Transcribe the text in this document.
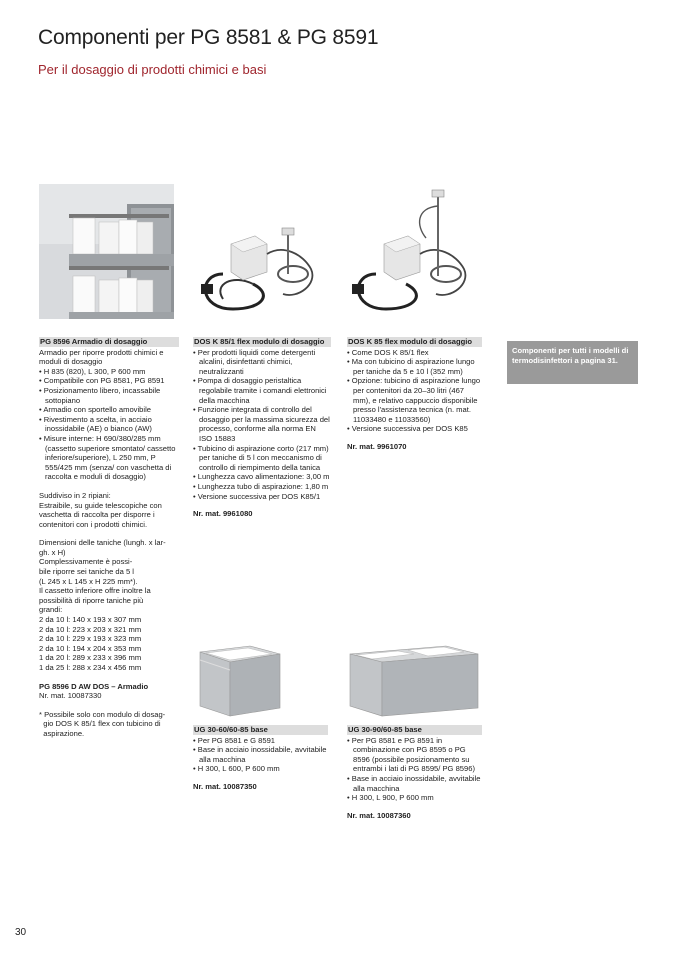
Componenti per PG 8581 & PG 8591
Per il dosaggio di prodotti chimici e basi
PG 8596 Armadio di dosaggio
Armadio per riporre prodotti chimici e
moduli di dosaggio
• H 835 (820), L 300, P 600 mm
• Compatibile con PG 8581, PG 8591
• Posizionamento libero, incassabile sottopiano
• Armadio con sportello amovibile
• Rivestimento a scelta, in acciaio inossidabile (AE) o bianco (AW)
• Misure interne: H 690/380/285 mm (cassetto superiore smontato/ cassetto inferiore/superiore), L 250 mm, P 555/425 mm (senza/ con vaschetta di raccolta e moduli di dosaggio)
Suddiviso in 2 ripiani:
Estraibile, su guide telescopiche con
vaschetta di raccolta per disporre i
contenitori con i prodotti chimici.
Dimensioni delle taniche (lungh. x lar-
gh. x H)
Complessivamente è possi-
bile riporre sei taniche da 5 l
(L 245 x L 145 x H 225 mm*).
Il cassetto inferiore offre inoltre la
possibilità di riporre taniche più
grandi:
2 da 10 l: 140 x 193 x 307 mm
2 da 10 l: 223 x 203 x 321 mm
2 da 10 l: 229 x 193 x 323 mm
2 da 10 l: 194 x 204 x 353 mm
1 da 20 l: 289 x 233 x 396 mm
1 da 25 l: 288 x 234 x 456 mm
PG 8596 D AW DOS – Armadio
Nr. mat. 10087330
* Possibile solo con modulo di dosag-
gio DOS K 85/1 flex con tubicino di
aspirazione.
DOS K 85/1 flex modulo di dosaggio
• Per prodotti liquidi come detergenti alcalini, disinfettanti chimici, neutralizzanti
• Pompa di dosaggio peristaltica regolabile tramite i comandi elettronici della macchina
• Funzione integrata di controllo del dosaggio per la massima sicurezza del processo, conforme alla norma EN ISO 15883
• Tubicino di aspirazione corto (217 mm) per taniche di 5 l con meccanismo di controllo di riempimento della tanica
• Lunghezza cavo alimentazione: 3,00 m
• Lunghezza tubo di aspirazione: 1,80 m
• Versione successiva per DOS K85/1
Nr. mat. 9961080
DOS K 85 flex modulo di dosaggio
• Come DOS K 85/1 flex
• Ma con tubicino di aspirazione lungo per taniche da 5 e 10 l (352 mm)
• Opzione: tubicino di aspirazione lungo per contenitori da 20–30 litri (467 mm), e relativo cappuccio disponibile presso l'assistenza tecnica (n. mat. 11033480 e 11033560)
• Versione successiva per DOS K85
Nr. mat. 9961070
Componenti per tutti i modelli di termodisinfettori a pagina 31.
UG 30-60/60-85 base
• Per PG 8581 e G 8591
• Base in acciaio inossidabile, avvitabile alla macchina
• H 300, L 600, P 600 mm
Nr. mat. 10087350
UG 30-90/60-85 base
• Per PG 8581 e PG 8591 in combinazione con PG 8595 o PG 8596 (possibile posizionamento su entrambi i lati di PG 8595/ PG 8596)
• Base in acciaio inossidabile, avvitabile alla macchina
• H 300, L 900, P 600 mm
Nr. mat. 10087360
30
